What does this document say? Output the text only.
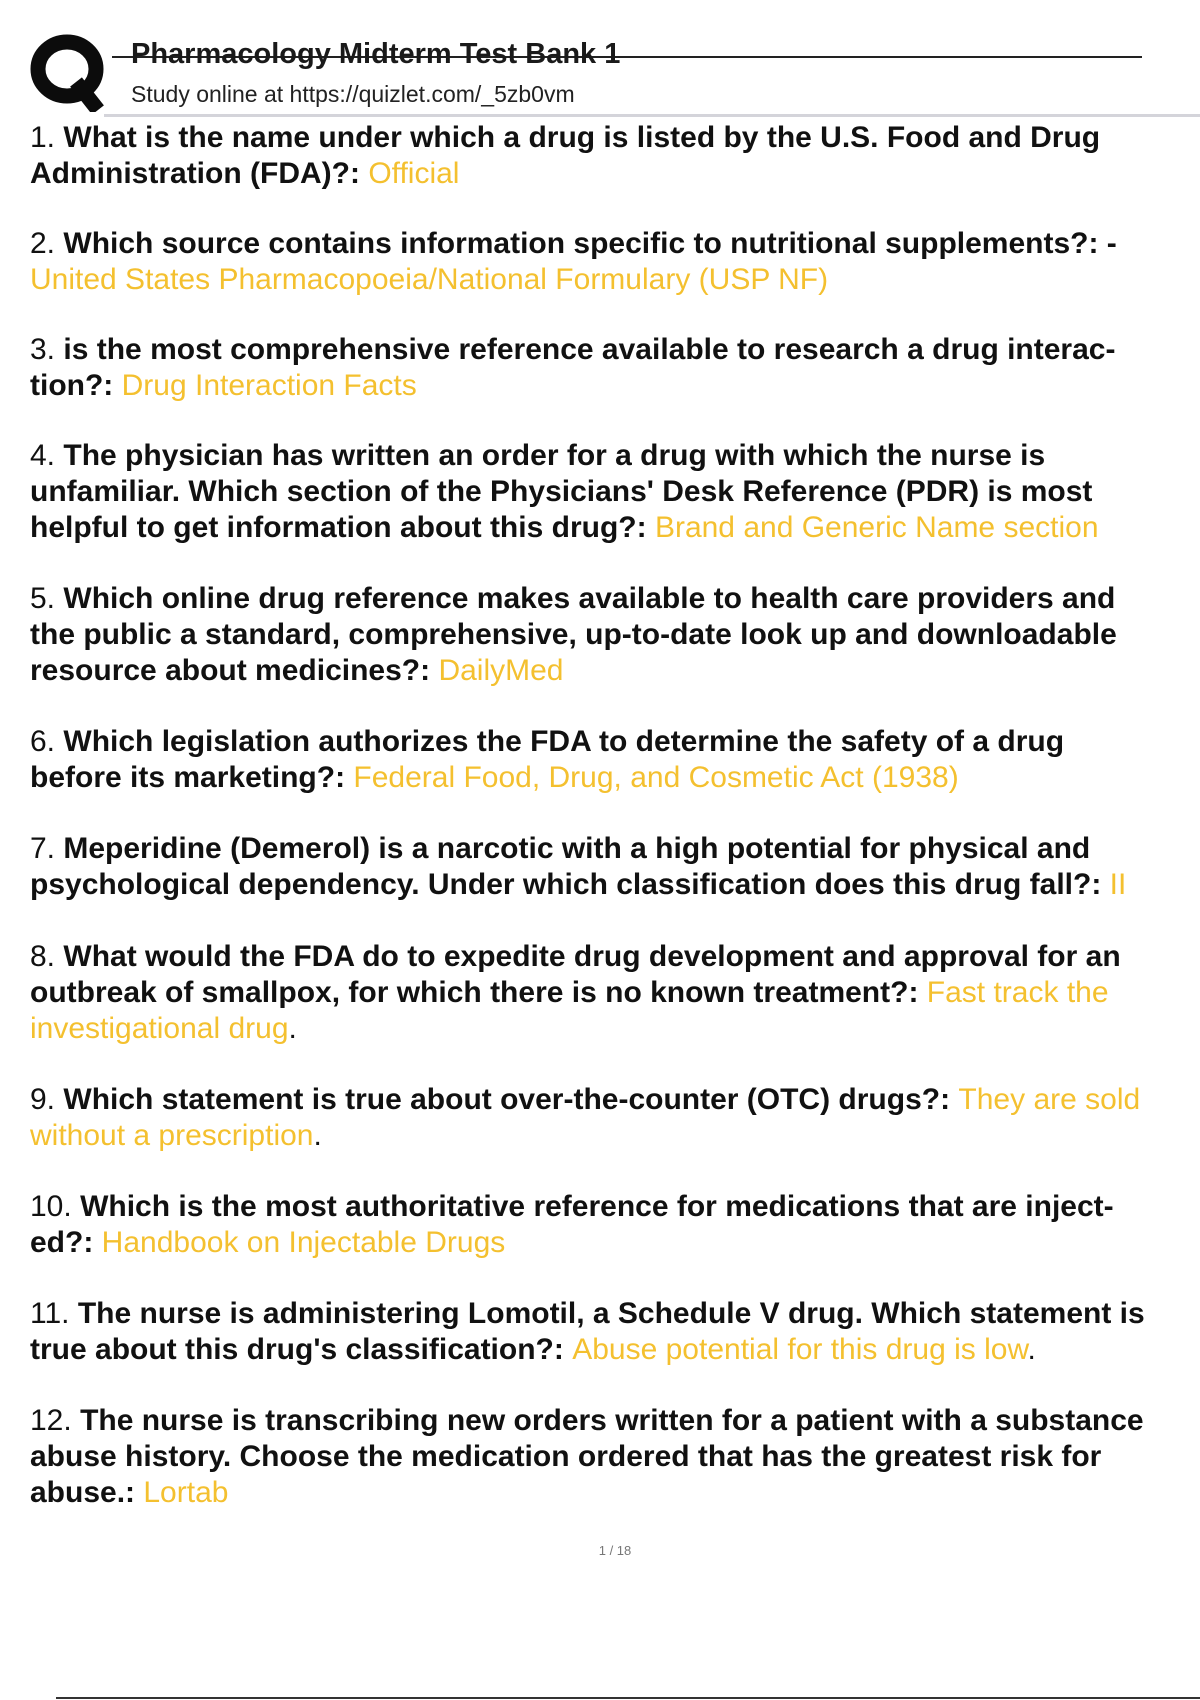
Pharmacology Midterm Test Bank 1
Study online at https://quizlet.com/_5zb0vm

1. What is the name under which a drug is listed by the U.S. Food and Drug
Administration (FDA)?: Official

2. Which source contains information specific to nutritional supplements?: -
United States Pharmacopoeia/National Formulary (USP NF)

3. is the most comprehensive reference available to research a drug interac-
tion?: Drug Interaction Facts

4. The physician has written an order for a drug with which the nurse is
unfamiliar. Which section of the Physicians' Desk Reference (PDR) is most
helpful to get information about this drug?: Brand and Generic Name section

5. Which online drug reference makes available to health care providers and
the public a standard, comprehensive, up-to-date look up and downloadable
resource about medicines?: DailyMed

6. Which legislation authorizes the FDA to determine the safety of a drug
before its marketing?: Federal Food, Drug, and Cosmetic Act (1938)

7. Meperidine (Demerol) is a narcotic with a high potential for physical and
psychological dependency. Under which classification does this drug fall?: II

8. What would the FDA do to expedite drug development and approval for an
outbreak of smallpox, for which there is no known treatment?: Fast track the
investigational drug.

9. Which statement is true about over-the-counter (OTC) drugs?: They are sold
without a prescription.

10. Which is the most authoritative reference for medications that are inject-
ed?: Handbook on Injectable Drugs

11. The nurse is administering Lomotil, a Schedule V drug. Which statement is
true about this drug's classification?: Abuse potential for this drug is low.

12. The nurse is transcribing new orders written for a patient with a substance
abuse history. Choose the medication ordered that has the greatest risk for
abuse.: Lortab

1 / 18
